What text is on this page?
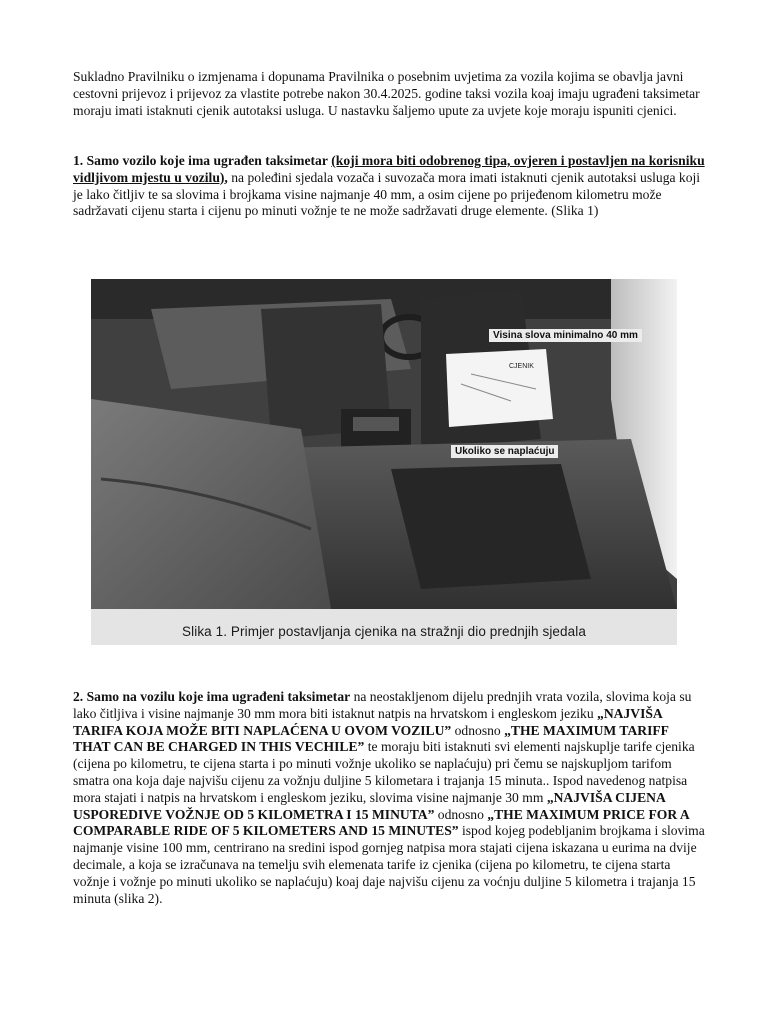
Sukladno Pravilniku o izmjenama i dopunama Pravilnika o posebnim uvjetima za vozila kojima se obavlja javni cestovni prijevoz i prijevoz za vlastite potrebe nakon 30.4.2025. godine taksi vozila koaj imaju ugrađeni taksimetar moraju imati istaknuti cjenik autotaksi usluga. U nastavku šaljemo upute za uvjete koje moraju ispuniti cjenici.
1. Samo vozilo koje ima ugrađen taksimetar (koji mora biti odobrenog tipa, ovjeren i postavljen na korisniku vidljivom mjestu u vozilu), na poleđini sjedala vozača i suvozača mora imati istaknuti cjenik autotaksi usluga koji je lako čitljiv te sa slovima i brojkama visine najmanje 40 mm, a osim cijene po prijeđenom kilometru može sadržavati cijenu starta i cijenu po minuti vožnje te ne može sadržavati druge elemente. (Slika 1)
Visina slova minimalno 40 mm
Ukoliko se naplaćuju
CJENIK
Slika 1. Primjer postavljanja cjenika na stražnji dio prednjih sjedala
2. Samo na vozilu koje ima ugrađeni taksimetar na neostakljenom dijelu prednjih vrata vozila, slovima koja su lako čitljiva i visine najmanje 30 mm mora biti istaknut natpis na hrvatskom i engleskom jeziku „NAJVIŠA TARIFA KOJA MOŽE BITI NAPLAĆENA U OVOM VOZILU” odnosno „THE MAXIMUM TARIFF THAT CAN BE CHARGED IN THIS VECHILE” te moraju biti istaknuti svi elementi najskuplje tarife cjenika (cijena po kilometru, te cijena starta i po minuti vožnje ukoliko se naplaćuju) pri čemu se najskupljom tarifom smatra ona koja daje najvišu cijenu za vožnju duljine 5 kilometara i trajanja 15 minuta.. Ispod navedenog natpisa mora stajati i natpis na hrvatskom i engleskom jeziku, slovima visine najmanje 30 mm „NAJVIŠA CIJENA USPOREDIVE VOŽNJE OD 5 KILOMETRA I 15 MINUTA” odnosno „THE MAXIMUM PRICE FOR A COMPARABLE RIDE OF 5 KILOMETERS AND 15 MINUTES” ispod kojeg podebljanim brojkama i slovima najmanje visine 100 mm, centrirano na sredini ispod gornjeg natpisa mora stajati cijena iskazana u eurima na dvije decimale, a koja se izračunava na temelju svih elemenata tarife iz cjenika (cijena po kilometru, te cijena starta vožnje i vožnje po minuti ukoliko se naplaćuju) koaj daje najvišu cijenu za voćnju duljine 5 kilometra i trajanja 15 minuta (slika 2).
